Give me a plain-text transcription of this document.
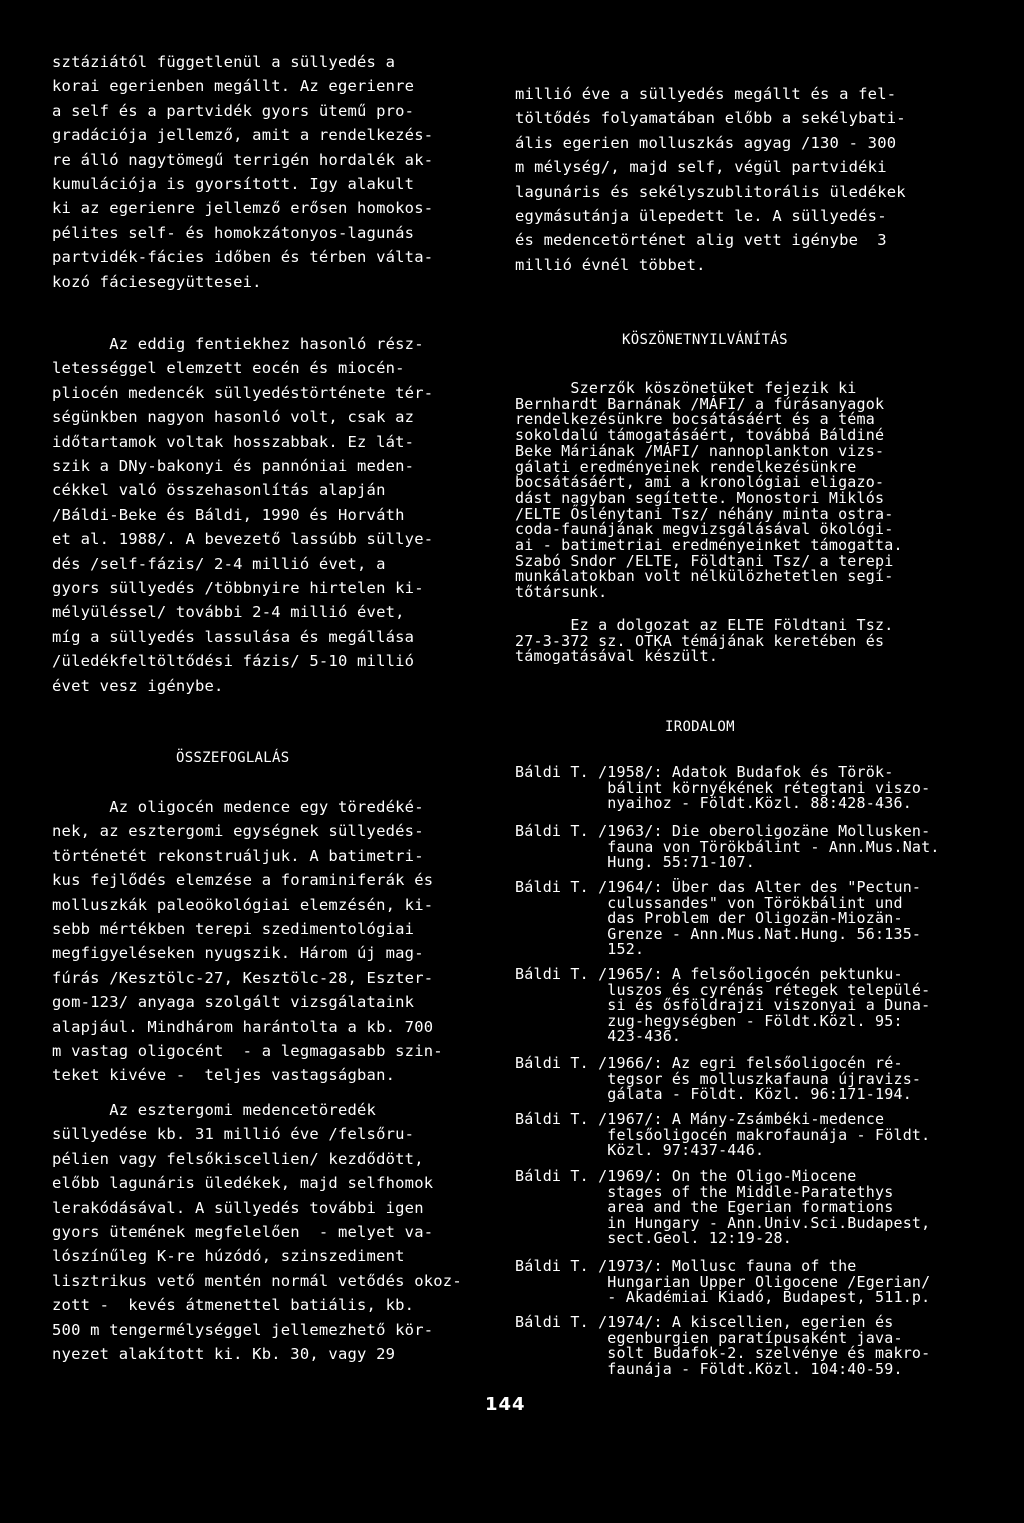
sztáziától függetlenül a süllyedés a
korai egerienben megállt. Az egerienre
a self és a partvidék gyors ütemű pro-
gradációja jellemző, amit a rendelkezés-
re álló nagytömegű terrigén hordalék ak-
kumulációja is gyorsított. Igy alakult
ki az egerienre jellemző erősen homokos-
pélites self- és homokzátonyos-lagunás
partvidék-fácies időben és térben válta-
kozó fáciesegyüttesei.
Az eddig fentiekhez hasonló rész-
letességgel elemzett eocén és miocén-
pliocén medencék süllyedéstörténete tér-
ségünkben nagyon hasonló volt, csak az
időtartamok voltak hosszabbak. Ez lát-
szik a DNy-bakonyi és pannóniai meden-
cékkel való összehasonlítás alapján
/Báldi-Beke és Báldi, 1990 és Horváth
et al. 1988/. A bevezető lassúbb süllye-
dés /self-fázis/ 2-4 millió évet, a
gyors süllyedés /többnyire hirtelen ki-
mélyüléssel/ további 2-4 millió évet,
míg a süllyedés lassulása és megállása
/üledékfeltöltődési fázis/ 5-10 millió
évet vesz igénybe.
ÖSSZEFOGLALÁS
Az oligocén medence egy töredéké-
nek, az esztergomi egységnek süllyedés-
történetét rekonstruáljuk. A batimetri-
kus fejlődés elemzése a foraminiferák és
molluszkák paleoökológiai elemzésén, ki-
sebb mértékben terepi szedimentológiai
megfigyeléseken nyugszik. Három új mag-
fúrás /Kesztölc-27, Kesztölc-28, Eszter-
gom-123/ anyaga szolgált vizsgálataink
alapjául. Mindhárom harántolta a kb. 700
m vastag oligocént  - a legmagasabb szin-
teket kivéve -  teljes vastagságban.
Az esztergomi medencetöredék
süllyedése kb. 31 millió éve /felsőru-
pélien vagy felsőkiscellien/ kezdődött,
előbb lagunáris üledékek, majd selfhomok
lerakódásával. A süllyedés további igen
gyors ütemének megfelelően  - melyet va-
lószínűleg K-re húzódó, szinszediment
lisztrikus vető mentén normál vetődés okoz-
zott -  kevés átmenettel batiális, kb.
500 m tengermélységgel jellemezhető kör-
nyezet alakított ki. Kb. 30, vagy 29
millió éve a süllyedés megállt és a fel-
töltődés folyamatában előbb a sekélybati-
ális egerien molluszkás agyag /130 - 300
m mélység/, majd self, végül partvidéki
lagunáris és sekélyszublitorális üledékek
egymásutánja ülepedett le. A süllyedés-
és medencetörténet alig vett igénybe  3
millió évnél többet.
KÖSZÖNETNYILVÁNÍTÁS
Szerzők köszönetüket fejezik ki
Bernhardt Barnának /MÁFI/ a fúrásanyagok
rendelkezésünkre bocsátásáért és a téma
sokoldalú támogatásáért, továbbá Báldiné
Beke Máriának /MÁFI/ nannoplankton vizs-
gálati eredményeinek rendelkezésünkre
bocsátásáért, ami a kronológiai eligazo-
dást nagyban segítette. Monostori Miklós
/ELTE Őslénytani Tsz/ néhány minta ostra-
coda-faunájának megvizsgálásával ökológi-
ai - batimetriai eredményeinket támogatta.
Szabó Sndor /ELTE, Földtani Tsz/ a terepi
munkálatokban volt nélkülözhetetlen segí-
tőtársunk.
Ez a dolgozat az ELTE Földtani Tsz.
27-3-372 sz. OTKA témájának keretében és
támogatásával készült.
IRODALOM
Báldi T. /1958/: Adatok Budafok és Török-
bálint környékének rétegtani viszo-
nyaihoz - Földt.Közl. 88:428-436.
Báldi T. /1963/: Die oberoligozäne Mollusken-
fauna von Törökbálint - Ann.Mus.Nat.
Hung. 55:71-107.
Báldi T. /1964/: Über das Alter des "Pectun-
culussandes" von Törökbálint und
das Problem der Oligozän-Miozän-
Grenze - Ann.Mus.Nat.Hung. 56:135-
152.
Báldi T. /1965/: A felsőoligocén pektunku-
luszos és cyrénás rétegek települé-
si és ősföldrajzi viszonyai a Duna-
zug-hegységben - Földt.Közl. 95:
423-436.
Báldi T. /1966/: Az egri felsőoligocén ré-
tegsor és molluszkafauna újravizs-
gálata - Földt. Közl. 96:171-194.
Báldi T. /1967/: A Mány-Zsámbéki-medence
felsőoligocén makrofaunája - Földt.
Közl. 97:437-446.
Báldi T. /1969/: On the Oligo-Miocene
stages of the Middle-Paratethys
area and the Egerian formations
in Hungary - Ann.Univ.Sci.Budapest,
sect.Geol. 12:19-28.
Báldi T. /1973/: Mollusc fauna of the
Hungarian Upper Oligocene /Egerian/
- Akadémiai Kiadó, Budapest, 511.p.
Báldi T. /1974/: A kiscellien, egerien és
egenburgien paratípusaként java-
solt Budafok-2. szelvénye és makro-
faunája - Földt.Közl. 104:40-59.
144
